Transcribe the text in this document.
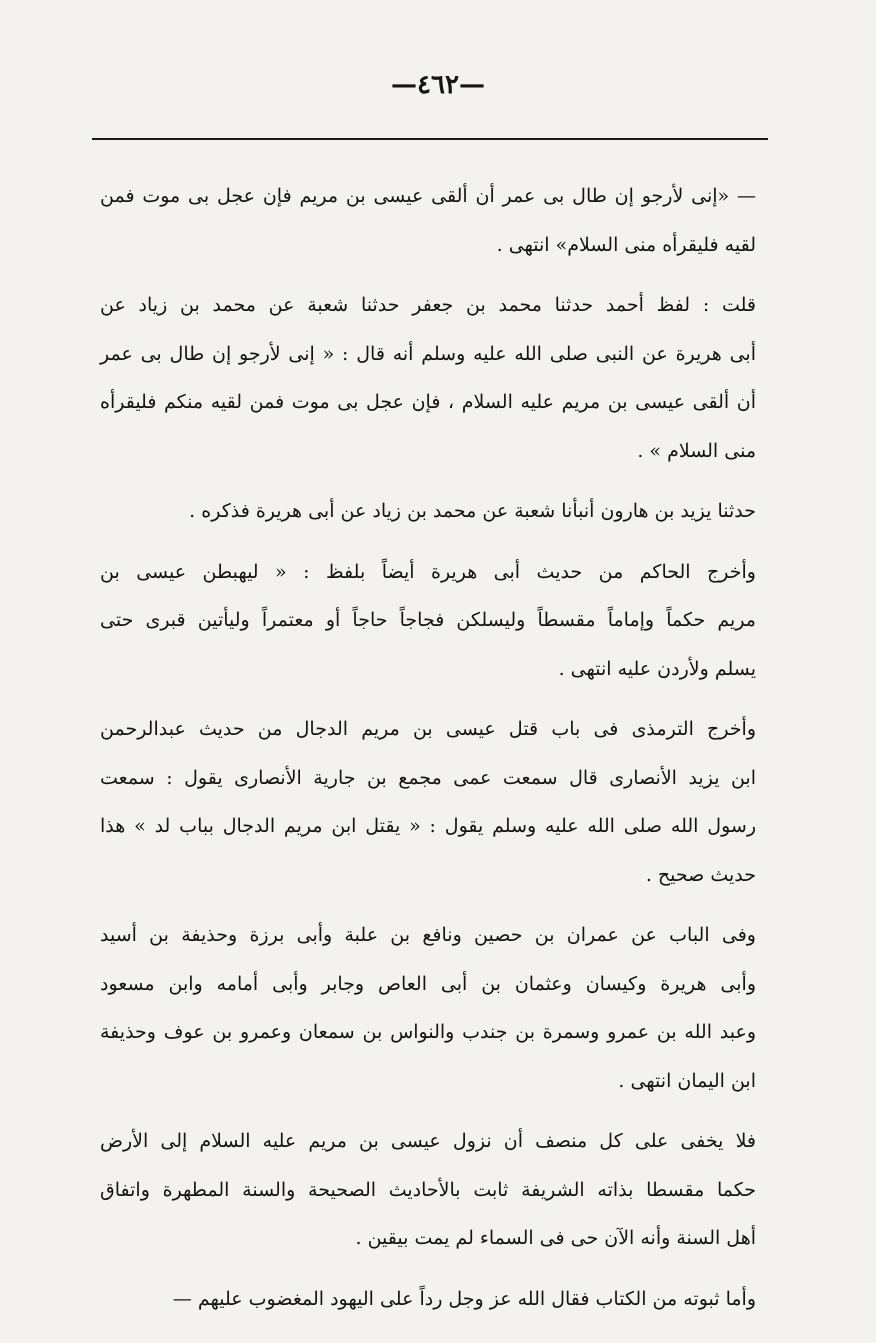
—٤٦٢—

— «إنى لأرجو إن طال بى عمر أن ألقى عيسى بن مريم فإن عجل بى موت فمن
لقيه فليقرأه منى السلام» انتهى .

قلت : لفظ أحمد حدثنا محمد بن جعفر حدثنا شعبة عن محمد بن زياد عن
أبى هريرة عن النبى صلى الله عليه وسلم أنه قال : « إنى لأرجو إن طال بى عمر
أن ألقى عيسى بن مريم عليه السلام ، فإن عجل بى موت فمن لقيه منكم فليقرأه
منى السلام » .

حدثنا يزيد بن هارون أنبأنا شعبة عن محمد بن زياد عن أبى هريرة فذكره .

وأخرج الحاكم من حديث أبى هريرة أيضاً بلفظ : « ليهبطن عيسى بن
مريم حكماً وإماماً مقسطاً وليسلكن فجاجاً حاجاً أو معتمراً وليأتين قبرى حتى
يسلم ولأردن عليه انتهى .

وأخرج الترمذى فى باب قتل عيسى بن مريم الدجال من حديث عبدالرحمن
ابن يزيد الأنصارى قال سمعت عمى مجمع بن جارية الأنصارى يقول : سمعت
رسول الله صلى الله عليه وسلم يقول : « يقتل ابن مريم الدجال بباب لد » هذا
حديث صحيح .

وفى الباب عن عمران بن حصين ونافع بن علبة وأبى برزة وحذيفة بن أسيد
وأبى هريرة وكيسان وعثمان بن أبى العاص وجابر وأبى أمامه وابن مسعود
وعبد الله بن عمرو وسمرة بن جندب والنواس بن سمعان وعمرو بن عوف وحذيفة
ابن اليمان انتهى .

فلا يخفى على كل منصف أن نزول عيسى بن مريم عليه السلام إلى الأرض
حكما مقسطا بذاته الشريفة ثابت بالأحاديث الصحيحة والسنة المطهرة واتفاق
أهل السنة وأنه الآن حى فى السماء لم يمت بيقين .

وأما ثبوته من الكتاب فقال الله عز وجل رداً على اليهود المغضوب عليهم —
